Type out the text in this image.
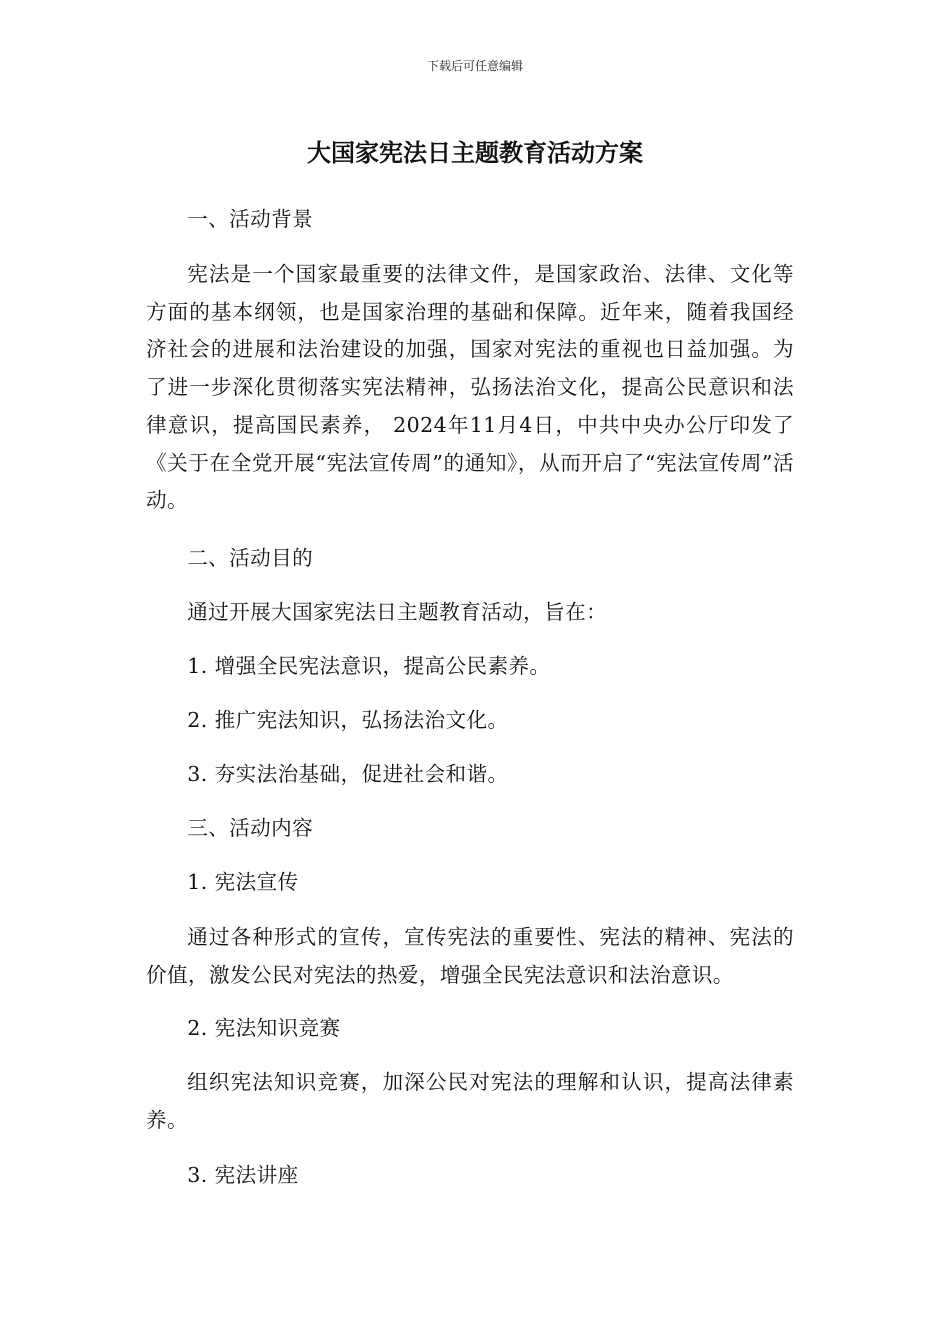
下载后可任意编辑
大国家宪法日主题教育活动方案

一、活动背景

宪法是一个国家最重要的法律文件，是国家政治、法律、文化等方面的基本纲领，也是国家治理的基础和保障。近年来，随着我国经济社会的进展和法治建设的加强，国家对宪法的重视也日益加强。为了进一步深化贯彻落实宪法精神，弘扬法治文化，提高公民意识和法律意识，提高国民素养， 2024年11月4日，中共中央办公厅印发了《关于在全党开展“宪法宣传周”的通知》，从而开启了“宪法宣传周”活动。

二、活动目的

通过开展大国家宪法日主题教育活动，旨在：

1. 增强全民宪法意识，提高公民素养。

2. 推广宪法知识，弘扬法治文化。

3. 夯实法治基础，促进社会和谐。

三、活动内容

1. 宪法宣传

通过各种形式的宣传，宣传宪法的重要性、宪法的精神、宪法的价值，激发公民对宪法的热爱，增强全民宪法意识和法治意识。

2. 宪法知识竞赛

组织宪法知识竞赛，加深公民对宪法的理解和认识，提高法律素养。

3. 宪法讲座
